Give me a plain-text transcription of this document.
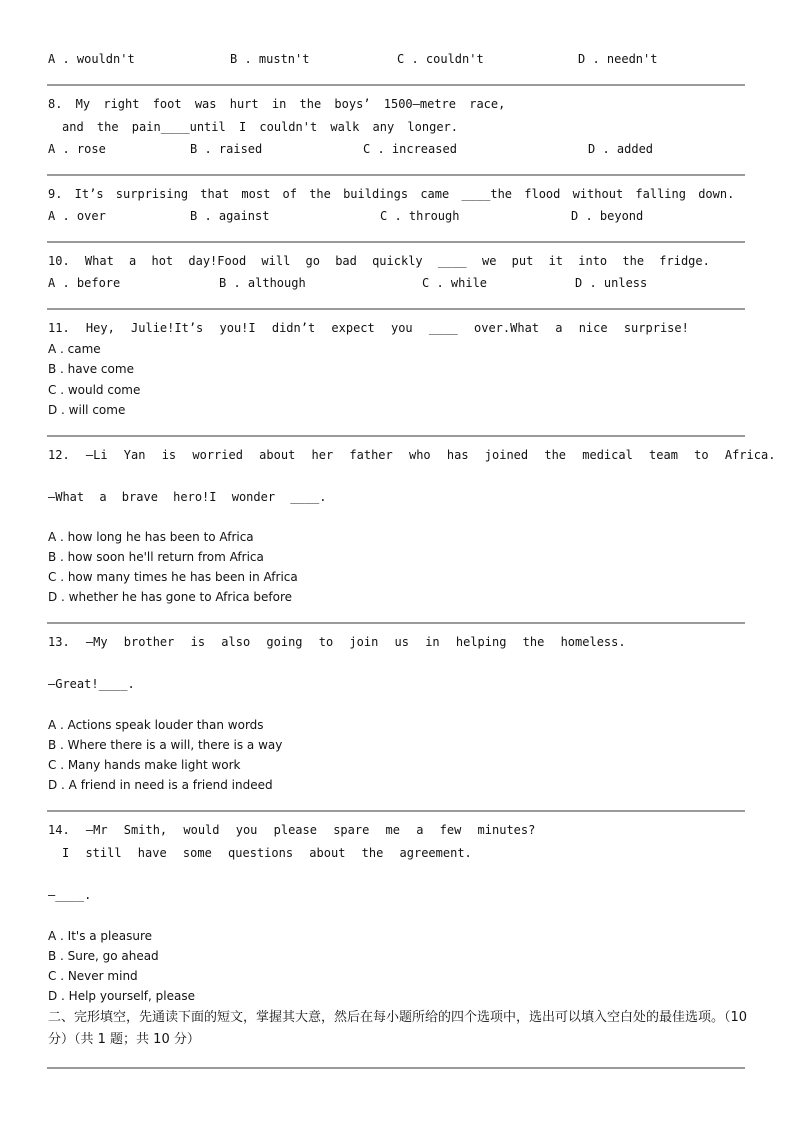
A . wouldn't	B . mustn't	C . couldn't	D . needn't
8. My right foot was hurt in the boys’ 1500–metre race,
and the pain____until I couldn't walk any longer.
A . rose	B . raised	C . increased	D . added
9. It’s surprising that most of the buildings came ____the flood without falling down.
A . over	B . against	C . through	D . beyond
10. What a hot day!Food will go bad quickly ____ we put it into the fridge.
A . before	B . although	C . while	D . unless
11. Hey, Julie!It’s you!I didn’t expect you ____ over.What a nice surprise!
A . came
B . have come
C . would come
D . will come
12. —Li Yan is worried about her father who has joined the medical team to Africa.
—What a brave hero!I wonder ____.
A . how long he has been to Africa
B . how soon he'll return from Africa
C . how many times he has been in Africa
D . whether he has gone to Africa before
13. —My brother is also going to join us in helping the homeless.
—Great!____.
A . Actions speak louder than words
B . Where there is a will, there is a way
C . Many hands make light work
D . A friend in need is a friend indeed
14. —Mr Smith, would you please spare me a few minutes?
I still have some questions about the agreement.
—____.
A . It's a pleasure
B . Sure, go ahead
C . Never mind
D . Help yourself, please
二、完形填空，先通读下面的短文，掌握其大意，然后在每小题所给的四个选项中，选出可以填入空白处的最佳选项。（10 分）（共 1 题；共 10 分）
